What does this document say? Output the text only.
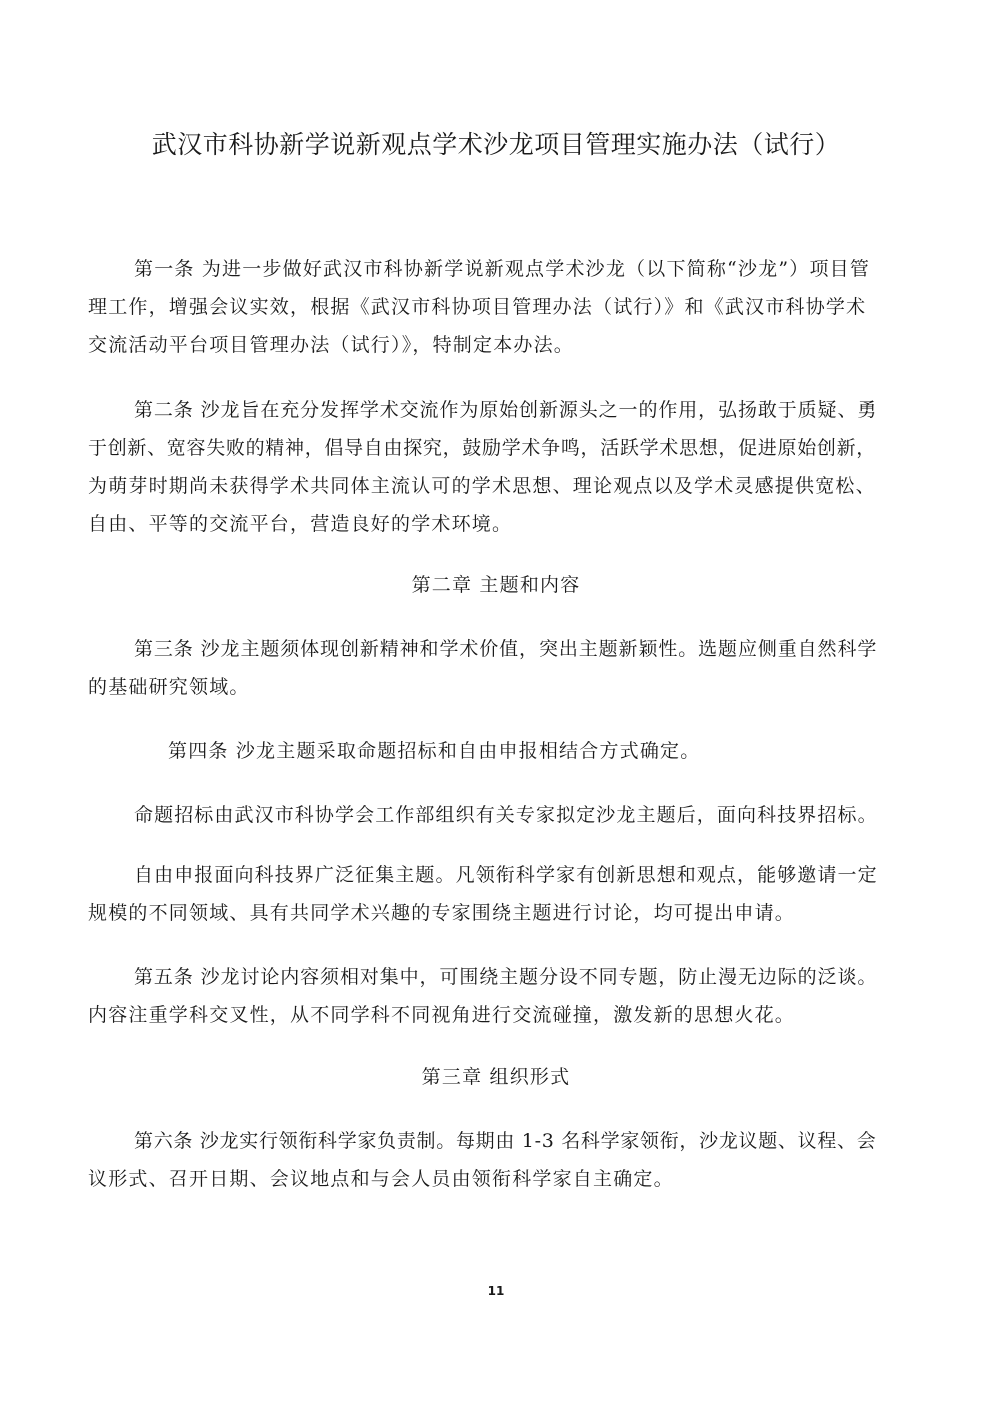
武汉市科协新学说新观点学术沙龙项目管理实施办法（试行）
第一条 为进一步做好武汉市科协新学说新观点学术沙龙（以下简称“沙龙”）项目管
理工作，增强会议实效，根据《武汉市科协项目管理办法（试行）》和《武汉市科协学术
交流活动平台项目管理办法（试行）》，特制定本办法。
第二条 沙龙旨在充分发挥学术交流作为原始创新源头之一的作用，弘扬敢于质疑、勇
于创新、宽容失败的精神，倡导自由探究，鼓励学术争鸣，活跃学术思想，促进原始创新，
为萌芽时期尚未获得学术共同体主流认可的学术思想、理论观点以及学术灵感提供宽松、
自由、平等的交流平台，营造良好的学术环境。
第二章 主题和内容
第三条 沙龙主题须体现创新精神和学术价值，突出主题新颖性。选题应侧重自然科学
的基础研究领域。
第四条 沙龙主题采取命题招标和自由申报相结合方式确定。
命题招标由武汉市科协学会工作部组织有关专家拟定沙龙主题后，面向科技界招标。
自由申报面向科技界广泛征集主题。凡领衔科学家有创新思想和观点，能够邀请一定
规模的不同领域、具有共同学术兴趣的专家围绕主题进行讨论，均可提出申请。
第五条 沙龙讨论内容须相对集中，可围绕主题分设不同专题，防止漫无边际的泛谈。
内容注重学科交叉性，从不同学科不同视角进行交流碰撞，激发新的思想火花。
第三章 组织形式
第六条 沙龙实行领衔科学家负责制。每期由 1-3 名科学家领衔，沙龙议题、议程、会
议形式、召开日期、会议地点和与会人员由领衔科学家自主确定。
11
